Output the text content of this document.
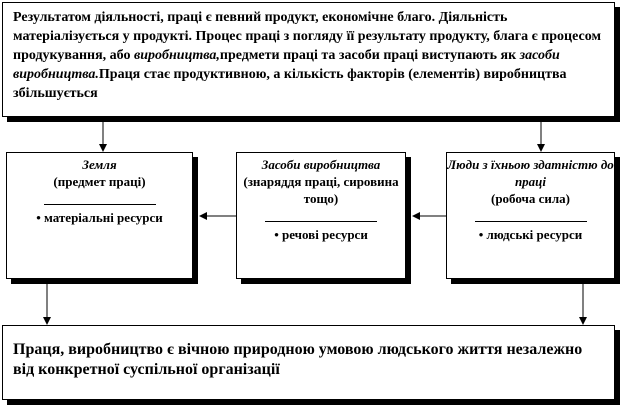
Результатом діяльності, праці є певний продукт, економічне благо. Діяльність матеріалізується у продукті. Процес праці з погляду її результату продукту, блага є процесом продукування, або виробництва,предмети праці та засоби праці виступають як засоби виробництва.Праця стає продуктивною, а кількість факторів (елементів) виробництва збільшується
Земля
(предмет праці)
• матеріальні ресурси
Засоби виробництва
(знаряддя праці, сировина тощо)
• речові ресурси
Люди з їхньою здатністю до праці
(робоча сила)
• людські ресурси
Праця, виробництво є вічною природною умовою людського життя незалежно від конкретної суспільної організації
